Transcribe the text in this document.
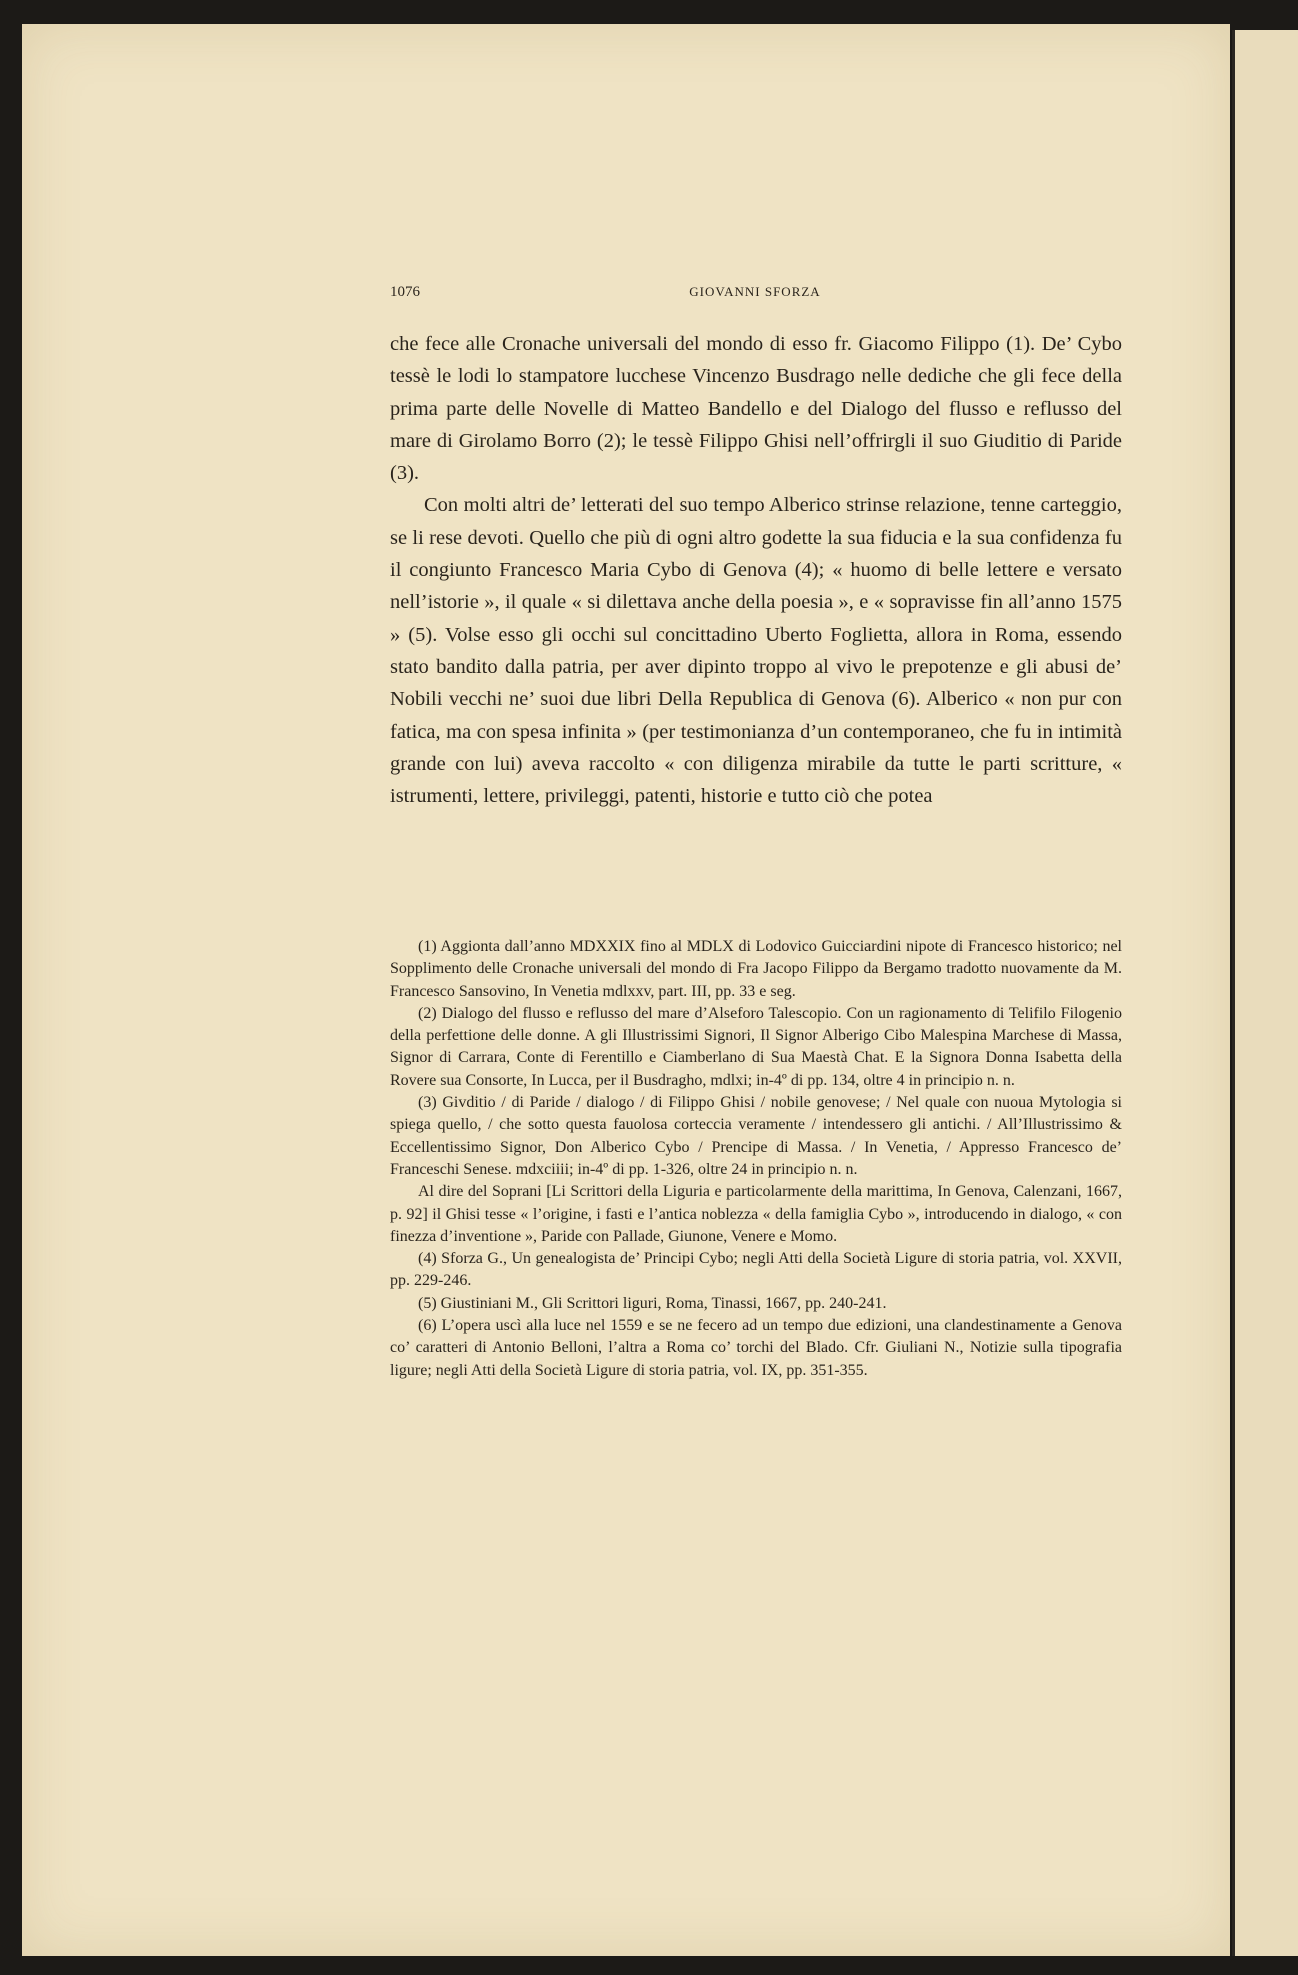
1076	GIOVANNI SFORZA

che fece alle Cronache universali del mondo di esso fr. Giacomo Filippo (1). De’ Cybo tessè le lodi lo stampatore lucchese Vincenzo Busdrago nelle dediche che gli fece della prima parte delle Novelle di Matteo Bandello e del Dialogo del flusso e reflusso del mare di Girolamo Borro (2); le tessè Filippo Ghisi nell’offrirgli il suo Giuditio di Paride (3).

Con molti altri de’ letterati del suo tempo Alberico strinse relazione, tenne carteggio, se li rese devoti. Quello che più di ogni altro godette la sua fiducia e la sua confidenza fu il congiunto Francesco Maria Cybo di Genova (4); « huomo di belle lettere e versato nell’istorie », il quale « si dilettava anche della poesia », e « sopravisse fin all’anno 1575 » (5). Volse esso gli occhi sul concittadino Uberto Foglietta, allora in Roma, essendo stato bandito dalla patria, per aver dipinto troppo al vivo le prepotenze e gli abusi de’ Nobili vecchi ne’ suoi due libri Della Republica di Genova (6). Alberico « non pur con fatica, ma con spesa infinita » (per testimonianza d’un contemporaneo, che fu in intimità grande con lui) aveva raccolto « con diligenza mirabile da tutte le parti scritture, « istrumenti, lettere, privileggi, patenti, historie e tutto ciò che potea

(1) Aggionta dall’anno MDXXIX fino al MDLX di Lodovico Guicciardini nipote di Francesco historico; nel Sopplimento delle Cronache universali del mondo di Fra Jacopo Filippo da Bergamo tradotto nuovamente da M. Francesco Sansovino, In Venetia mdlxxv, part. III, pp. 33 e seg.

(2) Dialogo del flusso e reflusso del mare d’Alseforo Talescopio. Con un ragionamento di Telifilo Filogenio della perfettione delle donne. A gli Illustrissimi Signori, Il Signor Alberigo Cibo Malespina Marchese di Massa, Signor di Carrara, Conte di Ferentillo e Ciamberlano di Sua Maestà Chat. E la Signora Donna Isabetta della Rovere sua Consorte, In Lucca, per il Busdragho, mdlxi; in-4º di pp. 134, oltre 4 in principio n. n.

(3) Givditio / di Paride / dialogo / di Filippo Ghisi / nobile genovese; / Nel quale con nuoua Mytologia si spiega quello, / che sotto questa fauolosa corteccia veramente / intendessero gli antichi. / All’Illustrissimo & Eccellentissimo Signor, Don Alberico Cybo / Prencipe di Massa. / In Venetia, / Appresso Francesco de’ Franceschi Senese. mdxciiii; in-4º di pp. 1-326, oltre 24 in principio n. n.

Al dire del Soprani [Li Scrittori della Liguria e particolarmente della marittima, In Genova, Calenzani, 1667, p. 92] il Ghisi tesse « l’origine, i fasti e l’antica noblezza « della famiglia Cybo », introducendo in dialogo, « con finezza d’inventione », Paride con Pallade, Giunone, Venere e Momo.

(4) Sforza G., Un genealogista de’ Principi Cybo; negli Atti della Società Ligure di storia patria, vol. XXVII, pp. 229-246.

(5) Giustiniani M., Gli Scrittori liguri, Roma, Tinassi, 1667, pp. 240-241.

(6) L’opera uscì alla luce nel 1559 e se ne fecero ad un tempo due edizioni, una clandestinamente a Genova co’ caratteri di Antonio Belloni, l’altra a Roma co’ torchi del Blado. Cfr. Giuliani N., Notizie sulla tipografia ligure; negli Atti della Società Ligure di storia patria, vol. IX, pp. 351-355.
